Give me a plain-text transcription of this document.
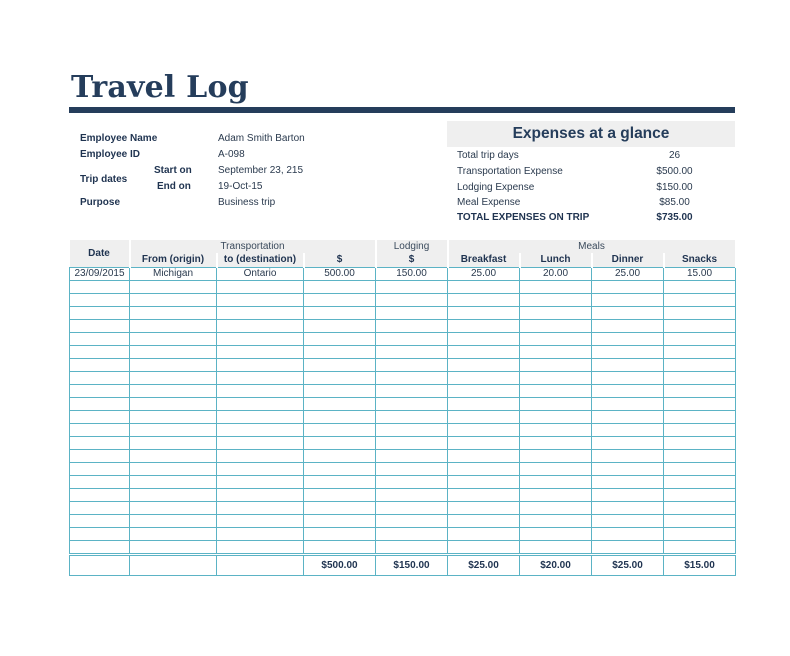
Travel Log
Employee Name	Adam Smith Barton
Employee ID	A-098
Trip dates
Start on	September 23, 215
End on	19-Oct-15
Purpose	Business trip
Expenses at a glance
Total trip days	26
Transportation Expense	$500.00
Lodging Expense	$150.00
Meal Expense	$85.00
TOTAL EXPENSES ON TRIP	$735.00
Date	Transportation			Lodging	Meals			
	From (origin)	to (destination)	$	$	Breakfast	Lunch	Dinner	Snacks
23/09/2015	Michigan	Ontario	500.00	150.00	25.00	20.00	25.00	15.00

			$500.00	$150.00	$25.00	$20.00	$25.00	$15.00
